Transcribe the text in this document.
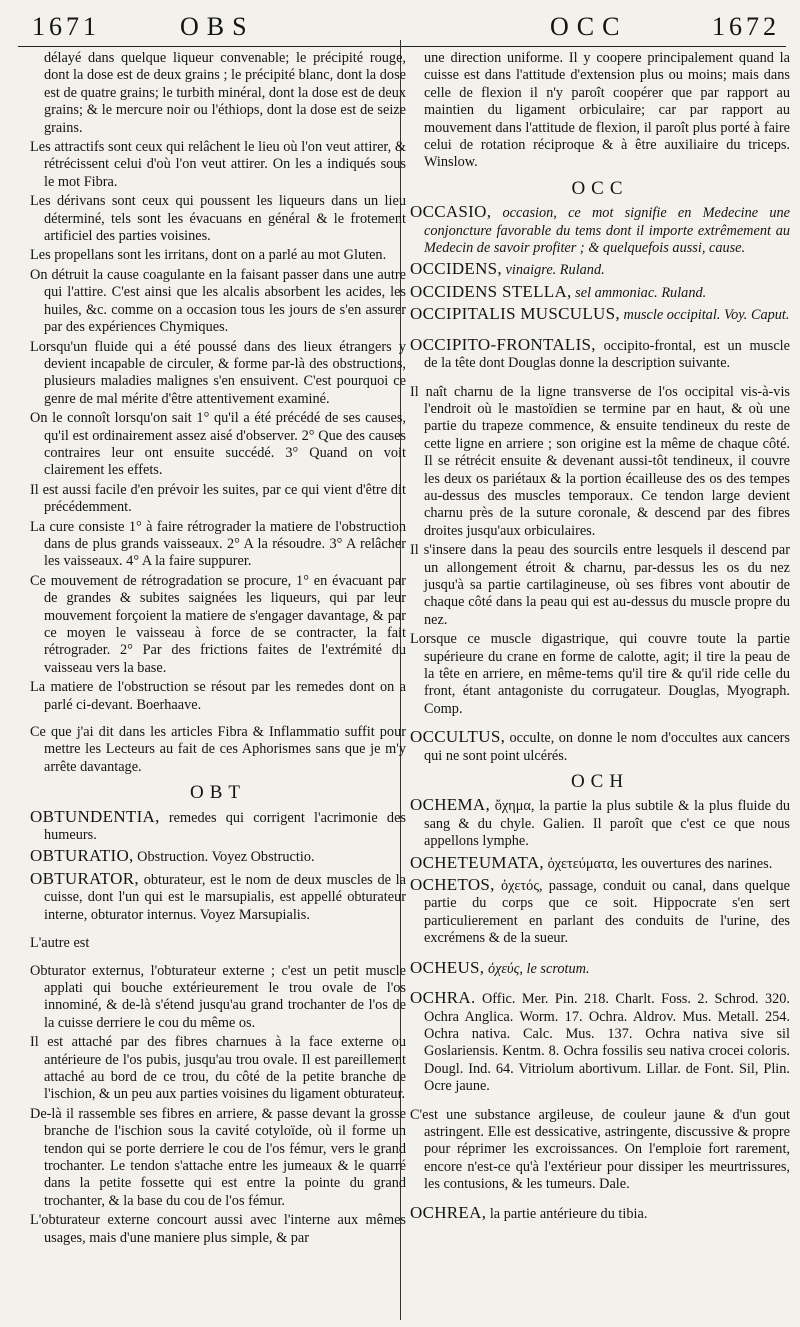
1671	OBS	OCC	1672

délayé dans quelque liqueur convenable; le précipité rouge, dont la dose est de deux grains ; le précipité blanc, dont la dose est de quatre grains; le turbith minéral, dont la dose est de deux grains; & le mercure noir ou l'éthiops, dont la dose est de seize grains.

Les attractifs sont ceux qui relâchent le lieu où l'on veut attirer, & rétrécissent celui d'où l'on veut attirer. On les a indiqués sous le mot Fibra.

Les dérivans sont ceux qui poussent les liqueurs dans un lieu déterminé, tels sont les évacuans en général & le frotement artificiel des parties voisines.

Les propellans sont les irritans, dont on a parlé au mot Gluten.

On détruit la cause coagulante en la faisant passer dans une autre qui l'attire. C'est ainsi que les alcalis absorbent les acides, les huiles, &c. comme on a occasion tous les jours de s'en assurer par des expériences Chymiques.

Lorsqu'un fluide qui a été poussé dans des lieux étrangers y devient incapable de circuler, & forme par-là des obstructions, plusieurs maladies malignes s'en ensuivent. C'est pourquoi ce genre de mal mérite d'être attentivement examiné.

On le connoît lorsqu'on sait 1° qu'il a été précédé de ses causes, qu'il est ordinairement assez aisé d'observer. 2° Que des causes contraires leur ont ensuite succédé. 3° Quand on voit clairement les effets.

Il est aussi facile d'en prévoir les suites, par ce qui vient d'être dit précédemment.

La cure consiste 1° à faire rétrograder la matiere de l'obstruction dans de plus grands vaisseaux. 2° A la résoudre. 3° A relâcher les vaisseaux. 4° A la faire suppurer.

Ce mouvement de rétrogradation se procure, 1° en évacuant par de grandes & subites saignées les liqueurs, qui par leur mouvement forçoient la matiere de s'engager davantage, & par ce moyen le vaisseau à force de se contracter, la fait rétrograder. 2° Par des frictions faites de l'extrémité du vaisseau vers la base.

La matiere de l'obstruction se résout par les remedes dont on a parlé ci-devant. Boerhaave.

Ce que j'ai dit dans les articles Fibra & Inflammatio suffit pour mettre les Lecteurs au fait de ces Aphorismes sans que je m'y arrête davantage.

OBT

OBTUNDENTIA, remedes qui corrigent l'acrimonie des humeurs.

OBTURATIO, Obstruction. Voyez Obstructio.

OBTURATOR, obturateur, est le nom de deux muscles de la cuisse, dont l'un qui est le marsupialis, est appellé obturateur interne, obturator internus. Voyez Marsupialis.

L'autre est

Obturator externus, l'obturateur externe ; c'est un petit muscle applati qui bouche extérieurement le trou ovale de l'os innominé, & de-là s'étend jusqu'au grand trochanter de l'os de la cuisse derriere le cou du même os.

Il est attaché par des fibres charnues à la face externe ou antérieure de l'os pubis, jusqu'au trou ovale. Il est pareillement attaché au bord de ce trou, du côté de la petite branche de l'ischion, & un peu aux parties voisines du ligament obturateur.

De-là il rassemble ses fibres en arriere, & passe devant la grosse branche de l'ischion sous la cavité cotyloïde, où il forme un tendon qui se porte derriere le cou de l'os fémur, vers le grand trochanter. Le tendon s'attache entre les jumeaux & le quarré dans la petite fossette qui est entre la pointe du grand trochanter, & la base du cou de l'os fémur.

L'obturateur externe concourt aussi avec l'interne aux mêmes usages, mais d'une maniere plus simple, & par

une direction uniforme. Il y coopere principalement quand la cuisse est dans l'attitude d'extension plus ou moins; mais dans celle de flexion il n'y paroît coopérer que par rapport au maintien du ligament orbiculaire; car par rapport au mouvement dans l'attitude de flexion, il paroît plus porté à faire celui de rotation réciproque & à être auxiliaire du triceps. Winslow.

OCC

OCCASIO, occasion, ce mot signifie en Medecine une conjoncture favorable du tems dont il importe extrêmement au Medecin de savoir profiter ; & quelquefois aussi, cause.

OCCIDENS, vinaigre. Ruland.

OCCIDENS STELLA, sel ammoniac. Ruland.

OCCIPITALIS MUSCULUS, muscle occipital. Voy. Caput.

OCCIPITO-FRONTALIS, occipito-frontal, est un muscle de la tête dont Douglas donne la description suivante.

Il naît charnu de la ligne transverse de l'os occipital vis-à-vis l'endroit où le mastoïdien se termine par en haut, & où une partie du trapeze commence, & ensuite tendineux du reste de cette ligne en arriere ; son origine est la même de chaque côté. Il se rétrécit ensuite & devenant aussi-tôt tendineux, il couvre les deux os pariétaux & la portion écailleuse des os des tempes au-dessus des muscles temporaux. Ce tendon large devient charnu près de la suture coronale, & descend par des fibres droites jusqu'aux orbiculaires.

Il s'insere dans la peau des sourcils entre lesquels il descend par un allongement étroit & charnu, par-dessus les os du nez jusqu'à sa partie cartilagineuse, où ses fibres vont aboutir de chaque côté dans la peau qui est au-dessus du muscle propre du nez.

Lorsque ce muscle digastrique, qui couvre toute la partie supérieure du crane en forme de calotte, agit; il tire la peau de la tête en arriere, en même-tems qu'il tire & qu'il ride celle du front, étant antagoniste du corrugateur. Douglas, Myograph. Comp.

OCCULTUS, occulte, on donne le nom d'occultes aux cancers qui ne sont point ulcérés.

OCH

OCHEMA, ὄχημα, la partie la plus subtile & la plus fluide du sang & du chyle. Galien. Il paroît que c'est ce que nous appellons lymphe.

OCHETEUMATA, ὀχετεύματα, les ouvertures des narines.

OCHETOS, ὀχετός, passage, conduit ou canal, dans quelque partie du corps que ce soit. Hippocrate s'en sert particulierement en parlant des conduits de l'urine, des excrémens & de la sueur.

OCHEUS, ὀχεύς, le scrotum.

OCHRA. Offic. Mer. Pin. 218. Charlt. Foss. 2. Schrod. 320. Ochra Anglica. Worm. 17. Ochra. Aldrov. Mus. Metall. 254. Ochra nativa. Calc. Mus. 137. Ochra nativa sive sil Goslariensis. Kentm. 8. Ochra fossilis seu nativa crocei coloris. Dougl. Ind. 64. Vitriolum abortivum. Lillar. de Font. Sil, Plin. Ocre jaune.

C'est une substance argileuse, de couleur jaune & d'un gout astringent. Elle est dessicative, astringente, discussive & propre pour réprimer les excroissances. On l'emploie fort rarement, encore n'est-ce qu'à l'extérieur pour dissiper les meurtrissures, les contusions, & les tumeurs. Dale.

OCHREA, la partie antérieure du tibia.
